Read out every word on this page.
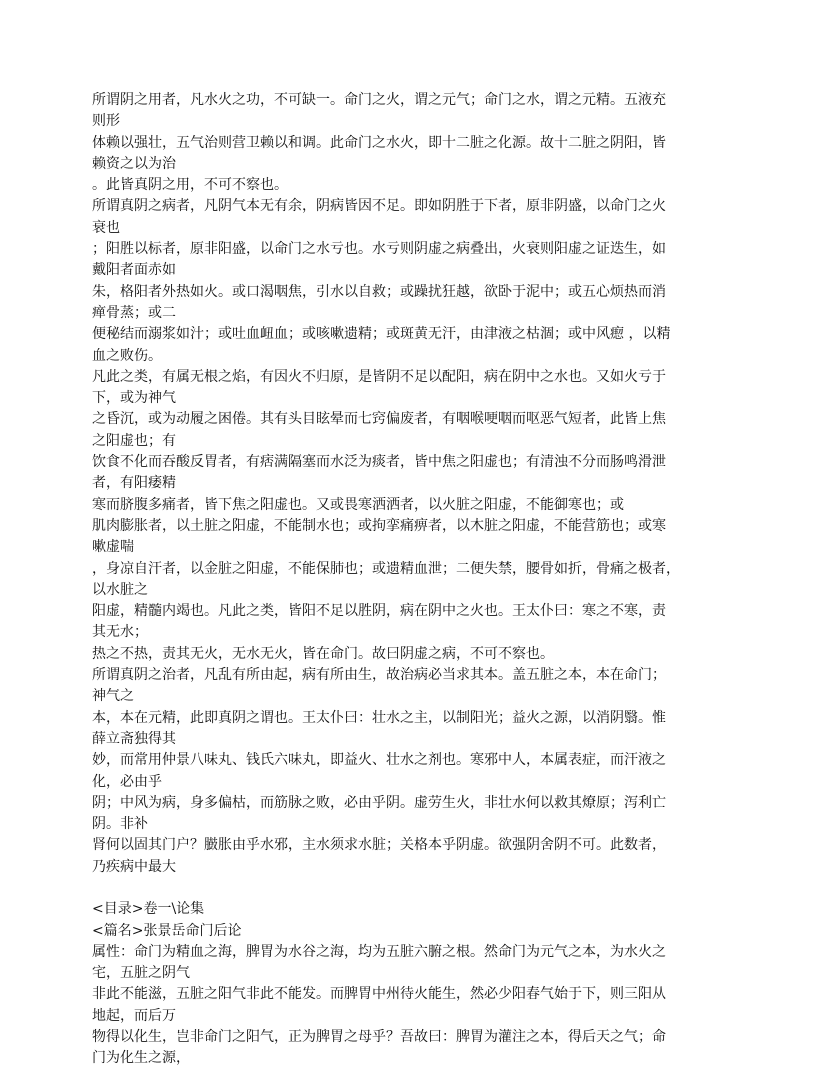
所谓阴之用者，凡水火之功，不可缺一。命门之火，谓之元气；命门之水，谓之元精。五液充
则形
体赖以强壮，五气治则营卫赖以和调。此命门之水火，即十二脏之化源。故十二脏之阴阳，皆
赖资之以为治
。此皆真阴之用，不可不察也。
所谓真阴之病者，凡阴气本无有余，阴病皆因不足。即如阴胜于下者，原非阴盛，以命门之火
衰也
；阳胜以标者，原非阳盛，以命门之水亏也。水亏则阴虚之病叠出，火衰则阳虚之证迭生，如
戴阳者面赤如
朱，格阳者外热如火。或口渴咽焦，引水以自救；或躁扰狂越，欲卧于泥中；或五心烦热而消
瘅骨蒸；或二
便秘结而溺浆如汁；或吐血衄血；或咳嗽遗精；或斑黄无汗，由津液之枯涸；或中风瘛 ，以精
血之败伤。
凡此之类，有属无根之焰，有因火不归原，是皆阴不足以配阳，病在阴中之水也。又如火亏于
下，或为神气
之昏沉，或为动履之困倦。其有头目眩晕而七窍偏废者，有咽喉哽咽而呕恶气短者，此皆上焦
之阳虚也；有
饮食不化而吞酸反胃者，有痞满隔塞而水泛为痰者，皆中焦之阳虚也；有清浊不分而肠鸣滑泄
者，有阳痿精
寒而脐腹多痛者，皆下焦之阳虚也。又或畏寒洒洒者，以火脏之阳虚，不能御寒也；或
肌肉膨胀者，以土脏之阳虚，不能制水也；或拘挛痛痹者，以木脏之阳虚，不能营筋也；或寒
嗽虚喘
，身凉自汗者，以金脏之阳虚，不能保肺也；或遗精血泄；二便失禁，腰骨如折，骨痛之极者，
以水脏之
阳虚，精髓内竭也。凡此之类，皆阳不足以胜阴，病在阴中之火也。王太仆曰：寒之不寒，责
其无水；
热之不热，责其无火，无水无火，皆在命门。故曰阴虚之病，不可不察也。
所谓真阴之治者，凡乱有所由起，病有所由生，故治病必当求其本。盖五脏之本，本在命门；
神气之
本，本在元精，此即真阴之谓也。王太仆曰：壮水之主，以制阳光；益火之源，以消阴翳。惟
薛立斋独得其
妙，而常用仲景八味丸、钱氏六味丸，即益火、壮水之剂也。寒邪中人，本属表症，而汗液之
化，必由乎
阴；中风为病，身多偏枯，而筋脉之败，必由乎阴。虚劳生火，非壮水何以救其燎原；泻利亡
阴。非补
肾何以固其门户？臌胀由乎水邪，主水须求水脏；关格本乎阴虚。欲强阴舍阴不可。此数者，
乃疾病中最大
<目录>卷一\论集
<篇名>张景岳命门后论
属性：命门为精血之海，脾胃为水谷之海，均为五脏六腑之根。然命门为元气之本，为水火之
宅，五脏之阴气
非此不能滋，五脏之阳气非此不能发。而脾胃中州待火能生，然必少阳春气始于下，则三阳从
地起，而后万
物得以化生，岂非命门之阳气，正为脾胃之母乎？吾故曰：脾胃为灌注之本，得后天之气；命
门为化生之源，
